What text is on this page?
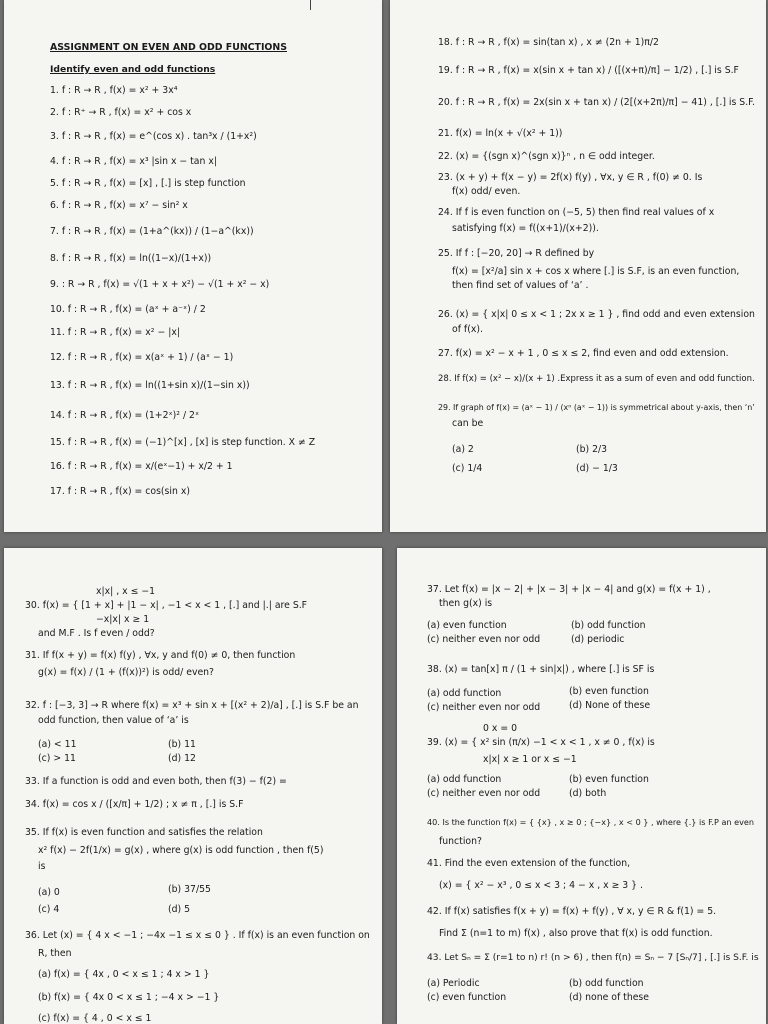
ASSIGNMENT ON EVEN AND ODD FUNCTIONS

Identify even and odd functions

1. f : R → R , f(x) = x² + 3x⁴

2. f : R⁺ → R , f(x) = x² + cos x

3. f : R → R , f(x) = e^(cos x) . tan³x / (1+x²)

4. f : R → R , f(x) = x³ |sin x − tan x|

5. f : R → R , f(x) = [x] , [.] is step function

6. f : R → R , f(x) = x⁷ − sin² x

7. f : R → R , f(x) = (1+a^(kx)) / (1−a^(kx))

8. f : R → R , f(x) = ln((1−x)/(1+x))

9. : R → R , f(x) = √(1 + x + x²) − √(1 + x² − x)

10. f : R → R , f(x) = (aˣ + a⁻ˣ) / 2

11. f : R → R , f(x) = x² − |x|

12. f : R → R , f(x) = x(aˣ + 1) / (aˣ − 1)

13. f : R → R , f(x) = ln((1+sin x)/(1−sin x))

14. f : R → R , f(x) = (1+2ˣ)² / 2ˣ

15. f : R → R , f(x) = (−1)^[x] , [x] is step function. X ≠ Z

16. f : R → R , f(x) = x/(eˣ−1) + x/2 + 1

17. f : R → R , f(x) = cos(sin x)

18. f : R → R , f(x) = sin(tan x) , x ≠ (2n + 1)π/2

19. f : R → R , f(x) = x(sin x + tan x) / ([(x+π)/π] − 1/2) , [.] is S.F

20. f : R → R , f(x) = 2x(sin x + tan x) / (2[(x+2π)/π] − 41) , [.] is S.F.

21. f(x) = ln(x + √(x² + 1))

22. (x) = {(sgn x)^(sgn x)}ⁿ , n ∈ odd integer.

23. (x + y) + f(x − y) = 2f(x) f(y) , ∀x, y ∈ R , f(0) ≠ 0. Is

f(x) odd/ even.

24. If f is even function on (−5, 5) then find real values of x

satisfying f(x) = f((x+1)/(x+2)).

25. If f : [−20, 20] → R defined by

f(x) = [x²/a] sin x + cos x where [.] is S.F, is an even function,

then find set of values of ‘a’ .

26. (x) = { x|x| 0 ≤ x < 1 ; 2x x ≥ 1 } , find odd and even extension

of f(x).

27. f(x) = x² − x + 1 , 0 ≤ x ≤ 2, find even and odd extension.

28. If f(x) = (x² − x)/(x + 1) .Express it as a sum of even and odd function.

29. If graph of f(x) = (aˣ − 1) / (xⁿ (aˣ − 1)) is symmetrical about y-axis, then ‘n’

can be

(a) 2	(b) 2/3

(c) 1/4	(d) − 1/3

x|x| , x ≤ −1

30. f(x) = { [1 + x] + |1 − x| , −1 < x < 1 , [.] and |.| are S.F

−x|x| x ≥ 1

and M.F . Is f even / odd?

31. If f(x + y) = f(x) f(y) , ∀x, y and f(0) ≠ 0, then function

g(x) = f(x) / (1 + (f(x))²) is odd/ even?

32. f : [−3, 3] → R where f(x) = x³ + sin x + [(x² + 2)/a] , [.] is S.F be an

odd function, then value of ‘a’ is

(a) < 11	(b) 11

(c) > 11	(d) 12

33. If a function is odd and even both, then f(3) − f(2) =

34. f(x) = cos x / ([x/π] + 1/2) ; x ≠ π , [.] is S.F

35. If f(x) is even function and satisfies the relation

x² f(x) − 2f(1/x) = g(x) , where g(x) is odd function , then f(5)

is

(a) 0	(b) 37/55

(c) 4	(d) 5

36. Let (x) = { 4 x < −1 ; −4x −1 ≤ x ≤ 0 } . If f(x) is an even function on

R, then

(a) f(x) = { 4x , 0 < x ≤ 1 ; 4 x > 1 }

(b) f(x) = { 4x 0 < x ≤ 1 ; −4 x > −1 }

(c) f(x) = { 4 , 0 < x ≤ 1

37. Let f(x) = |x − 2| + |x − 3| + |x − 4| and g(x) = f(x + 1) ,

then g(x) is

(a) even function	(b) odd function

(c) neither even nor odd	(d) periodic

38. (x) = tan[x] π / (1 + sin|x|) , where [.] is SF is

(a) odd function	(b) even function

(c) neither even nor odd	(d) None of these

0 x = 0

39. (x) = { x² sin (π/x) −1 < x < 1 , x ≠ 0 , f(x) is

x|x| x ≥ 1 or x ≤ −1

(a) odd function	(b) even function

(c) neither even nor odd	(d) both

40. Is the function f(x) = { {x} , x ≥ 0 ; {−x} , x < 0 } , where {.} is F.P an even

function?

41. Find the even extension of the function,

(x) = { x² − x³ , 0 ≤ x < 3 ; 4 − x , x ≥ 3 } .

42. If f(x) satisfies f(x + y) = f(x) + f(y) , ∀ x, y ∈ R & f(1) = 5.

Find Σ (n=1 to m) f(x) , also prove that f(x) is odd function.

43. Let Sₙ = Σ (r=1 to n) r! (n > 6) , then f(n) = Sₙ − 7 [Sₙ/7] , [.] is S.F. is

(a) Periodic	(b) odd function

(c) even function	(d) none of these
